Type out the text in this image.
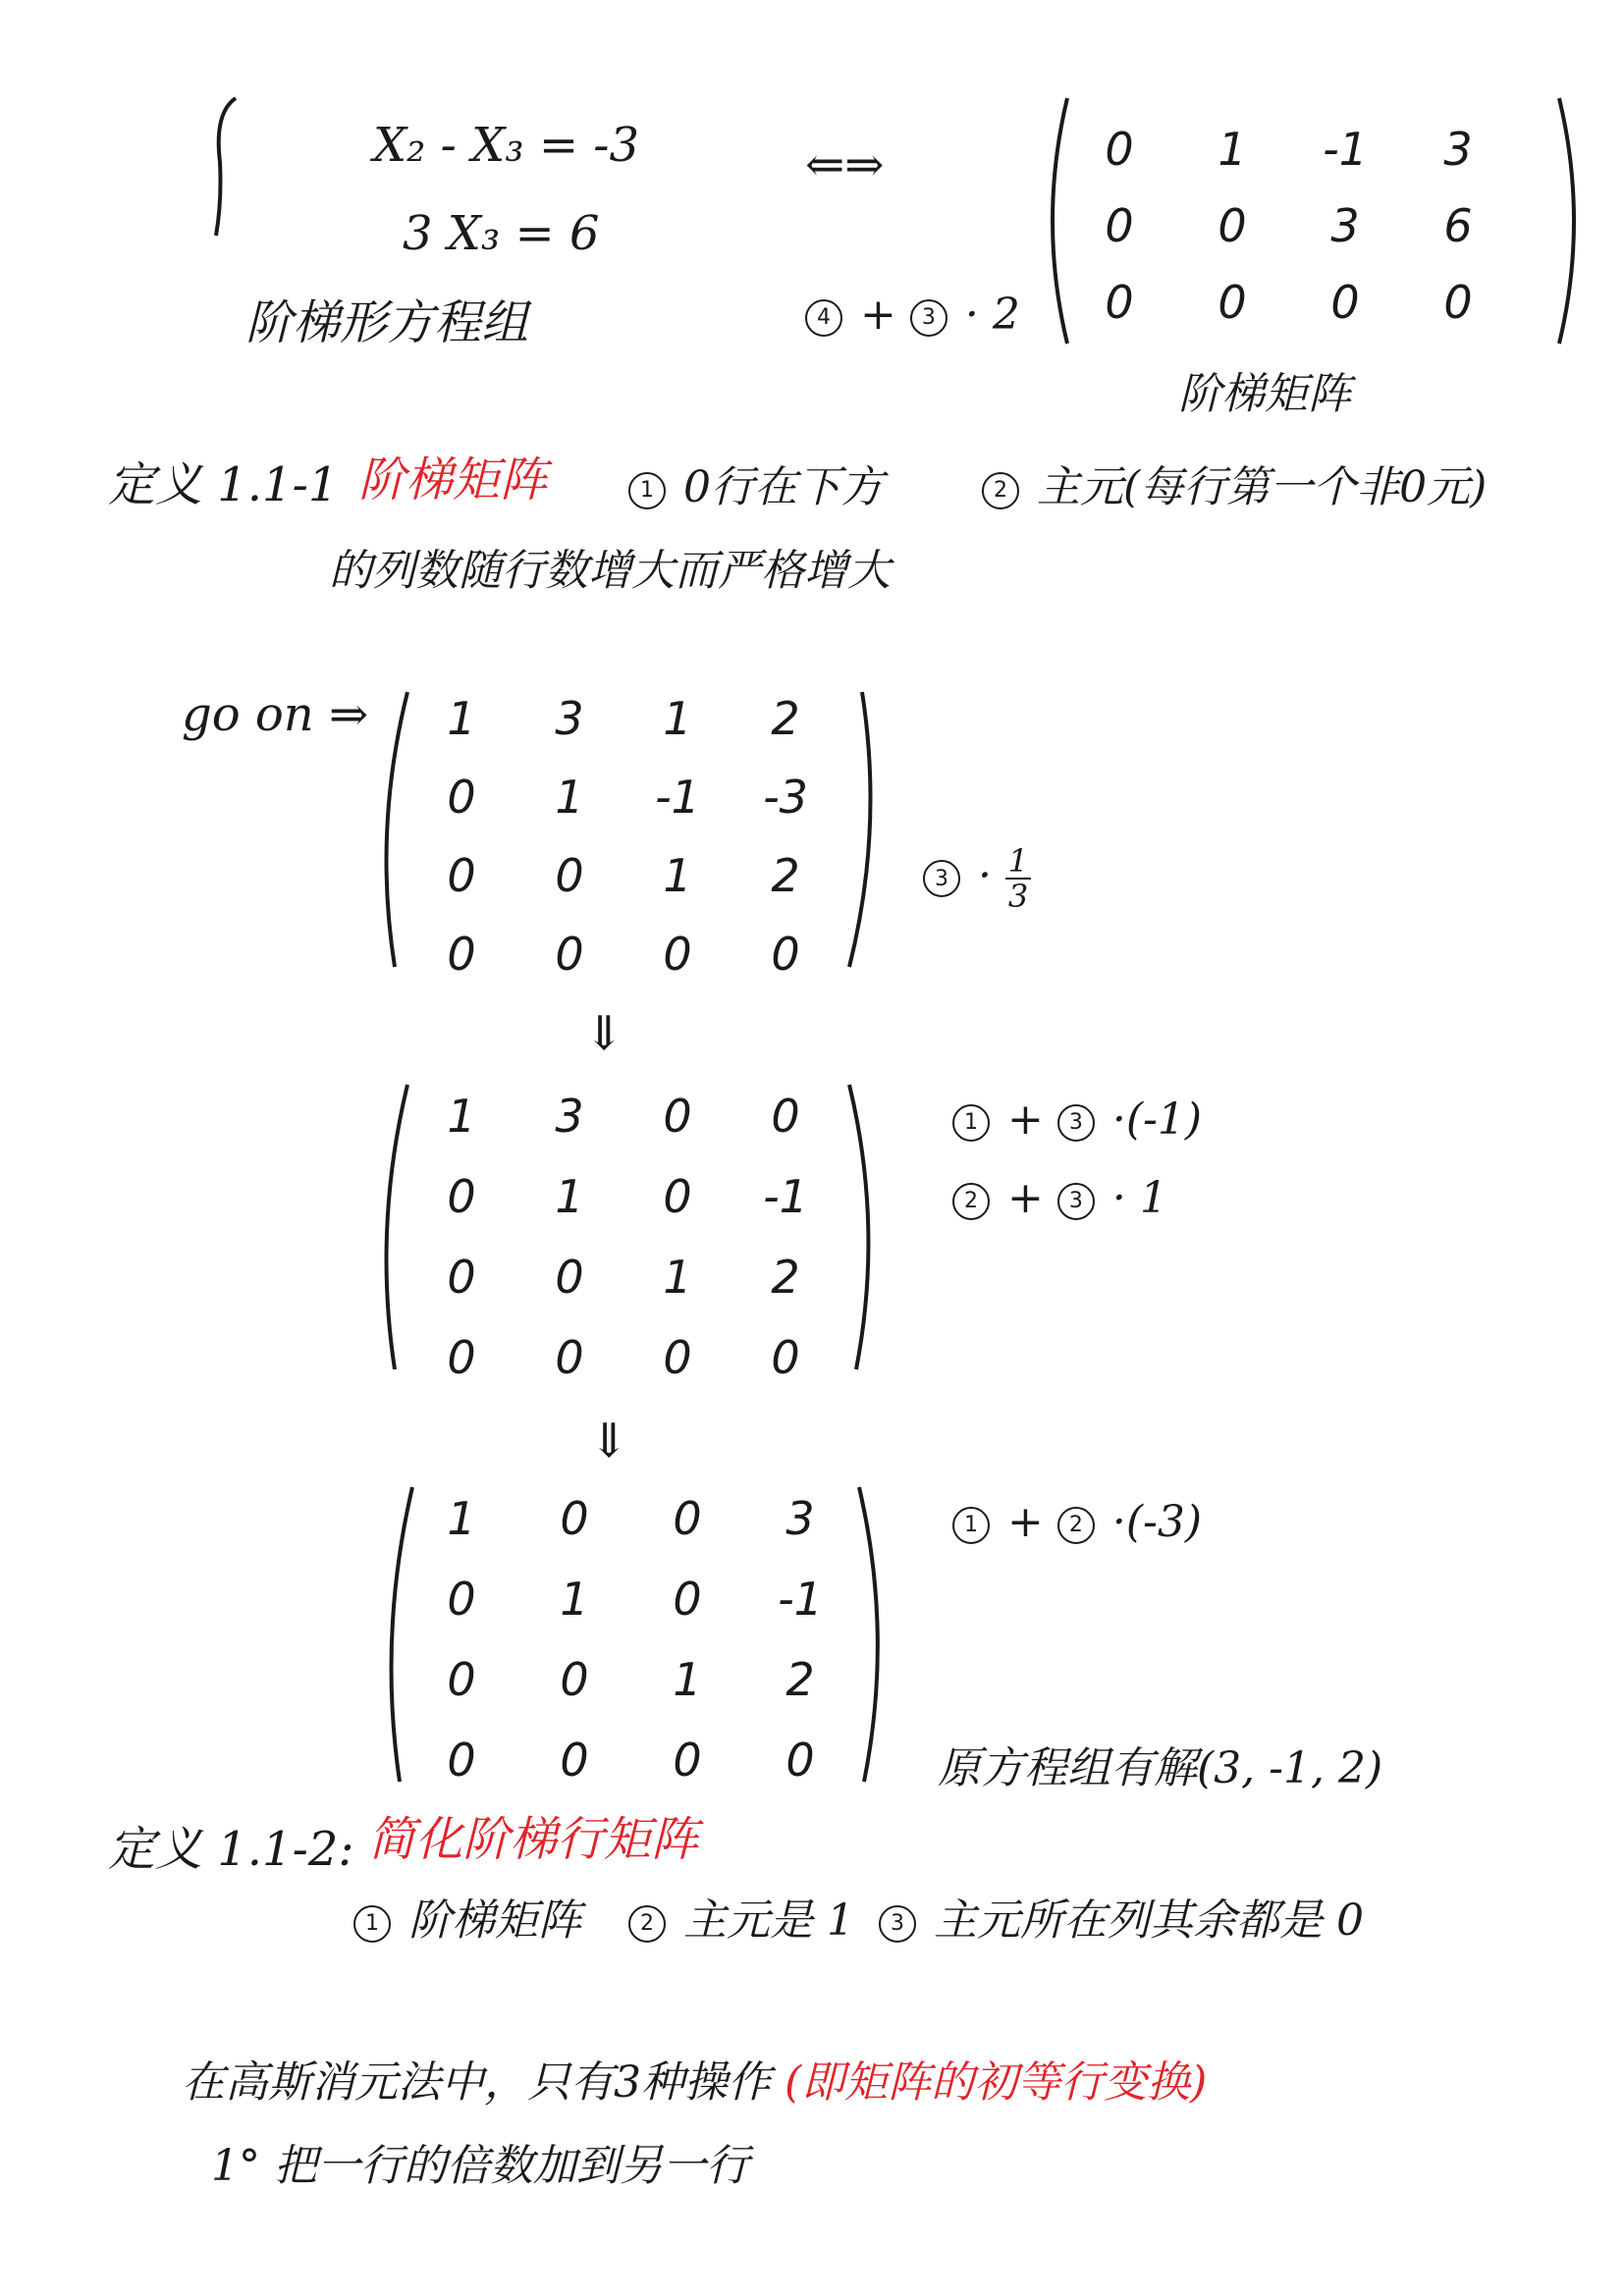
X₂ - X₃ = -3
3 X₃ = 6
阶梯形方程组
⇐⇒
4 + 3 · 2
0	1	-1	3
0	0	3	6
0	0	0	0
阶梯矩阵
定义 1.1-1 阶梯矩阵	1 0行在下方	2 主元(每行第一个非0元)
的列数随行数增大而严格增大
go on ⇒	1	3	1	2
0	1	-1	-3
0	0	1	2
0	0	0	0
$3 \cdot \frac{1}{3}$
⇓
1	3	0	0
0	1	0	-1
0	0	1	2
0	0	0	0
1 + 3 ·(-1)
2 + 3 · 1
⇓
1	0	0	3
0	1	0	-1
0	0	1	2
0	0	0	0
1 + 2 ·(-3)
原方程组有解(3, -1, 2)
定义 1.1-2: 简化阶梯行矩阵
1 阶梯矩阵	2 主元是 1	3 主元所在列其余都是 0
在高斯消元法中，只有3种操作 (即矩阵的初等行变换)
1° 把一行的倍数加到另一行
